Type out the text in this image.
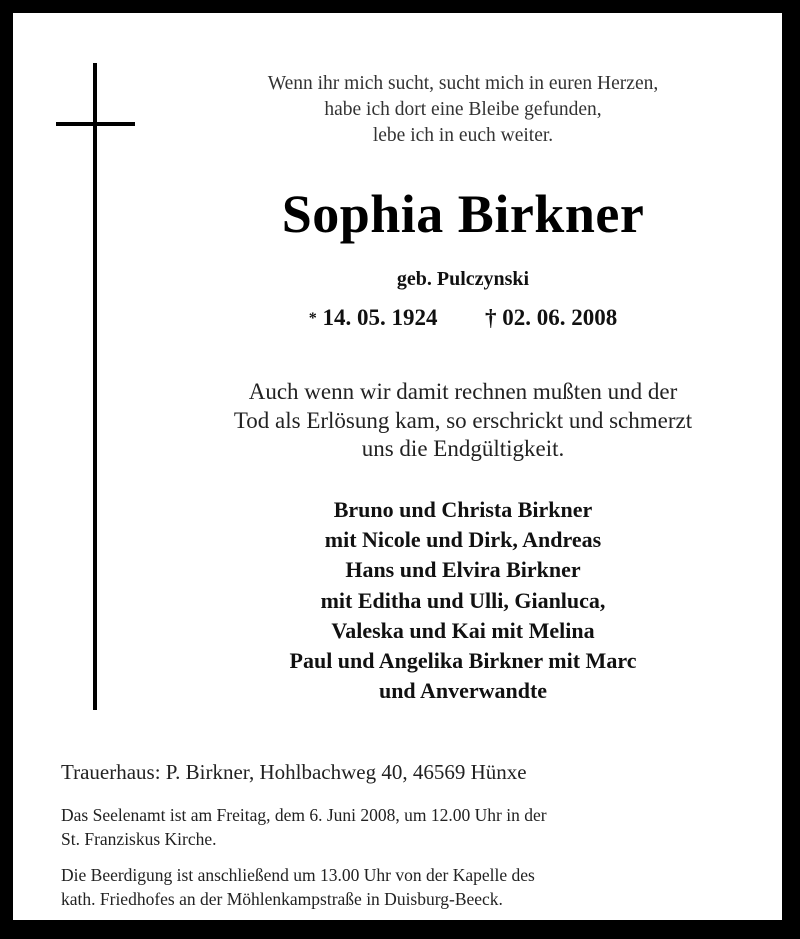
Wenn ihr mich sucht, sucht mich in euren Herzen,
habe ich dort eine Bleibe gefunden,
lebe ich in euch weiter.
Sophia Birkner
geb. Pulczynski
* 14. 05. 1924 † 02. 06. 2008
Auch wenn wir damit rechnen mußten und der
Tod als Erlösung kam, so erschrickt und schmerzt
uns die Endgültigkeit.
Bruno und Christa Birkner
mit Nicole und Dirk, Andreas
Hans und Elvira Birkner
mit Editha und Ulli, Gianluca,
Valeska und Kai mit Melina
Paul und Angelika Birkner mit Marc
und Anverwandte
Trauerhaus: P. Birkner, Hohlbachweg 40, 46569 Hünxe
Das Seelenamt ist am Freitag, dem 6. Juni 2008, um 12.00 Uhr in der
St. Franziskus Kirche.
Die Beerdigung ist anschließend um 13.00 Uhr von der Kapelle des
kath. Friedhofes an der Möhlenkampstraße in Duisburg-Beeck.
